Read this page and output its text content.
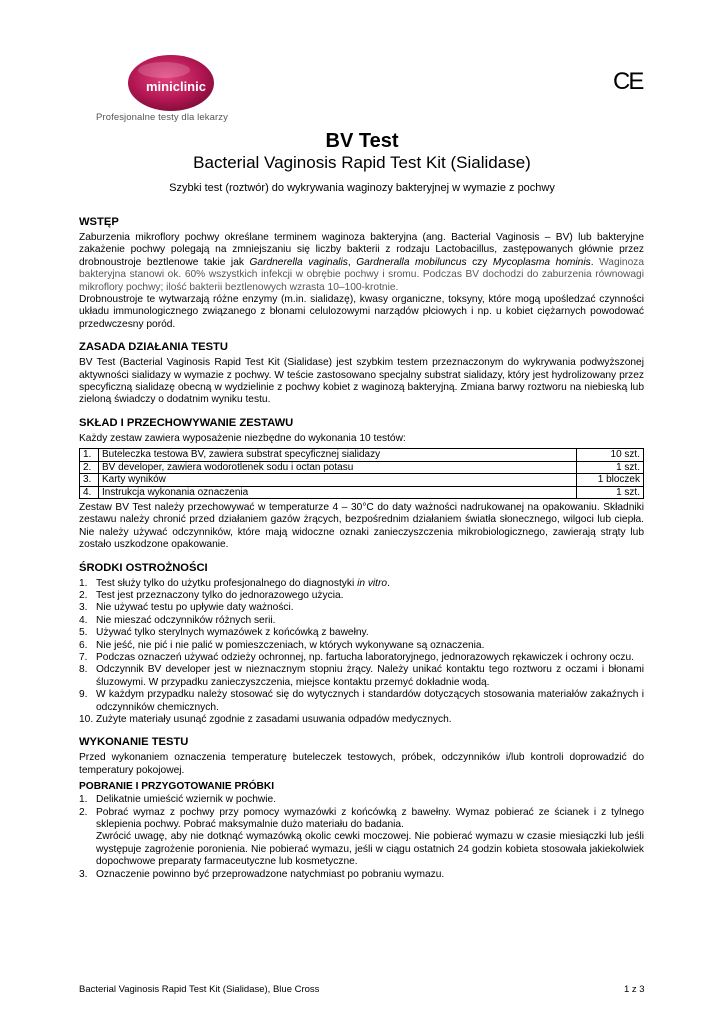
miniclinic
Profesjonalne testy dla lekarzy
CE
BV Test
Bacterial Vaginosis Rapid Test Kit (Sialidase)
Szybki test (roztwór) do wykrywania waginozy bakteryjnej w wymazie z pochwy
WSTĘP

Zaburzenia mikroflory pochwy określane terminem waginoza bakteryjna (ang. Bacterial Vaginosis – BV) lub bakteryjne zakażenie pochwy polegają na zmniejszaniu się liczby bakterii z rodzaju Lactobacillus, zastępowanych głównie przez drobnoustroje beztlenowe takie jak Gardnerella vaginalis, Gardneralla mobiluncus czy Mycoplasma hominis. Waginoza bakteryjna stanowi ok. 60% wszystkich infekcji w obrębie pochwy i sromu. Podczas BV dochodzi do zaburzenia równowagi mikroflory pochwy; ilość bakterii beztlenowych wzrasta 10–100-krotnie.

Drobnoustroje te wytwarzają różne enzymy (m.in. sialidazę), kwasy organiczne, toksyny, które mogą upośledzać czynności układu immunologicznego związanego z błonami celulozowymi narządów płciowych i np. u kobiet ciężarnych powodować przedwczesny poród.

ZASADA DZIAŁANIA TESTU

BV Test (Bacterial Vaginosis Rapid Test Kit (Sialidase) jest szybkim testem przeznaczonym do wykrywania podwyższonej aktywności sialidazy w wymazie z pochwy. W teście zastosowano specjalny substrat sialidazy, który jest hydrolizowany przez specyficzną sialidazę obecną w wydzielinie z pochwy kobiet z waginozą bakteryjną. Zmiana barwy roztworu na niebieską lub zieloną świadczy o dodatnim wyniku testu.

SKŁAD I PRZECHOWYWANIE ZESTAWU

Każdy zestaw zawiera wyposażenie niezbędne do wykonania 10 testów:

1.	Buteleczka testowa BV, zawiera substrat specyficznej sialidazy	10 szt.
2.	BV developer, zawiera wodorotlenek sodu i octan potasu	1 szt.
3.	Karty wyników	1 bloczek
4.	Instrukcja wykonania oznaczenia	1 szt.

Zestaw BV Test należy przechowywać w temperaturze 4 – 30°C do daty ważności nadrukowanej na opakowaniu. Składniki zestawu należy chronić przed działaniem gazów żrących, bezpośrednim działaniem światła słonecznego, wilgoci lub ciepła. Nie należy używać odczynników, które mają widoczne oznaki zanieczyszczenia mikrobiologicznego, zawierają strąty lub zostało uszkodzone opakowanie.

ŚRODKI OSTROŻNOŚCI
1. Test służy tylko do użytku profesjonalnego do diagnostyki in vitro.
2. Test jest przeznaczony tylko do jednorazowego użycia.
3. Nie używać testu po upływie daty ważności.
4. Nie mieszać odczynników różnych serii.
5. Używać tylko sterylnych wymazówek z końcówką z bawełny.
6. Nie jeść, nie pić i nie palić w pomieszczeniach, w których wykonywane są oznaczenia.
7. Podczas oznaczeń używać odzieży ochronnej, np. fartucha laboratoryjnego, jednorazowych rękawiczek i ochrony oczu.
8. Odczynnik BV developer jest w nieznacznym stopniu żrący. Należy unikać kontaktu tego roztworu z oczami i błonami śluzowymi. W przypadku zanieczyszczenia, miejsce kontaktu przemyć dokładnie wodą.
9. W każdym przypadku należy stosować się do wytycznych i standardów dotyczących stosowania materiałów zakaźnych i odczynników chemicznych.
10. Zużyte materiały usunąć zgodnie z zasadami usuwania odpadów medycznych.
WYKONANIE TESTU

Przed wykonaniem oznaczenia temperaturę buteleczek testowych, próbek, odczynników i/lub kontroli doprowadzić do temperatury pokojowej.

POBRANIE I PRZYGOTOWANIE PRÓBKI
1. Delikatnie umieścić wziernik w pochwie.
2. Pobrać wymaz z pochwy przy pomocy wymazówki z końcówką z bawełny. Wymaz pobierać ze ścianek i z tylnego sklepienia pochwy. Pobrać maksymalnie dużo materiału do badania.
Zwrócić uwagę, aby nie dotknąć wymazówką okolic cewki moczowej. Nie pobierać wymazu w czasie miesiączki lub jeśli występuje zagrożenie poronienia. Nie pobierać wymazu, jeśli w ciągu ostatnich 24 godzin kobieta stosowała jakiekolwiek dopochwowe preparaty farmaceutyczne lub kosmetyczne.
3. Oznaczenie powinno być przeprowadzone natychmiast po pobraniu wymazu.
Bacterial Vaginosis Rapid Test Kit (Sialidase), Blue Cross	1 z 3
